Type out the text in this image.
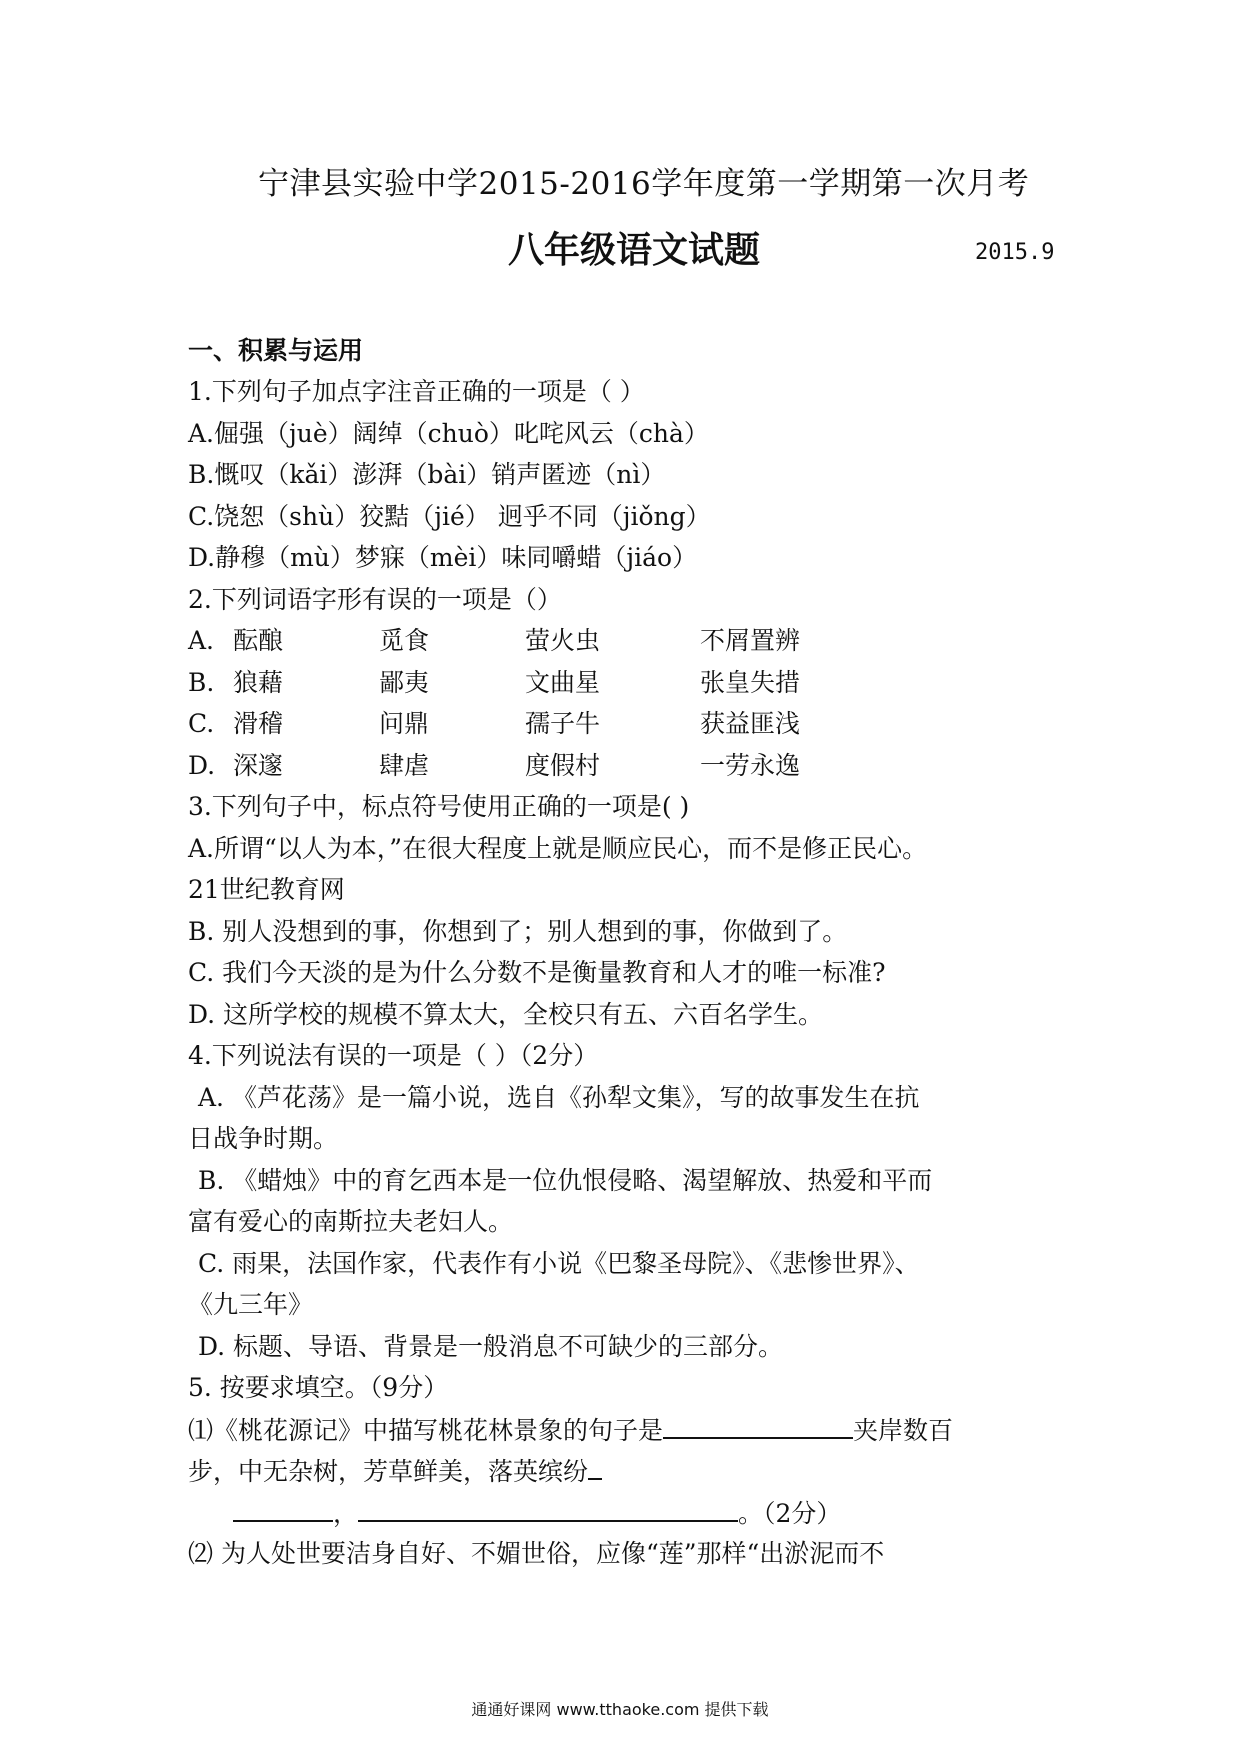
宁津县实验中学2015-2016学年度第一学期第一次月考
八年级语文试题	2015.9
一、积累与运用
1.下列句子加点字注音正确的一项是（ ）
A.倔强（juè）阔绰（chuò）叱咤风云（chà）
B.慨叹（kǎi）澎湃（bài）销声匿迹（nì）
C.饶恕（shù）狡黠（jié） 迥乎不同（jiǒng）
D.静穆（mù）梦寐（mèi）味同嚼蜡（jiáo）
2.下列词语字形有误的一项是（）
A. 酝酿	觅食	萤火虫	不屑置辨
B. 狼藉	鄙夷	文曲星	张皇失措
C. 滑稽	问鼎	孺子牛	获益匪浅
D. 深邃	肆虐	度假村	一劳永逸
3.下列句子中，标点符号使用正确的一项是( )
A.所谓“以人为本，”在很大程度上就是顺应民心，而不是修正民心。
21世纪教育网
B. 别人没想到的事，你想到了；别人想到的事，你做到了。
C. 我们今天淡的是为什么分数不是衡量教育和人才的唯一标准?
D. 这所学校的规模不算太大，全校只有五、六百名学生。
4.下列说法有误的一项是（ ）（2分）
A. 《芦花荡》是一篇小说，选自《孙犁文集》，写的故事发生在抗
日战争时期。
B. 《蜡烛》中的育乞西本是一位仇恨侵略、渴望解放、热爱和平而
富有爱心的南斯拉夫老妇人。
C. 雨果，法国作家，代表作有小说《巴黎圣母院》、《悲惨世界》、
《九三年》
D. 标题、导语、背景是一般消息不可缺少的三部分。
5. 按要求填空。（9分）
⑴《桃花源记》中描写桃花林景象的句子是	夹岸数百
步，中无杂树，芳草鲜美，落英缤纷
，	。（2分）
⑵ 为人处世要洁身自好、不媚世俗，应像“莲”那样“出淤泥而不
通通好课网 www.tthaoke.com 提供下载
